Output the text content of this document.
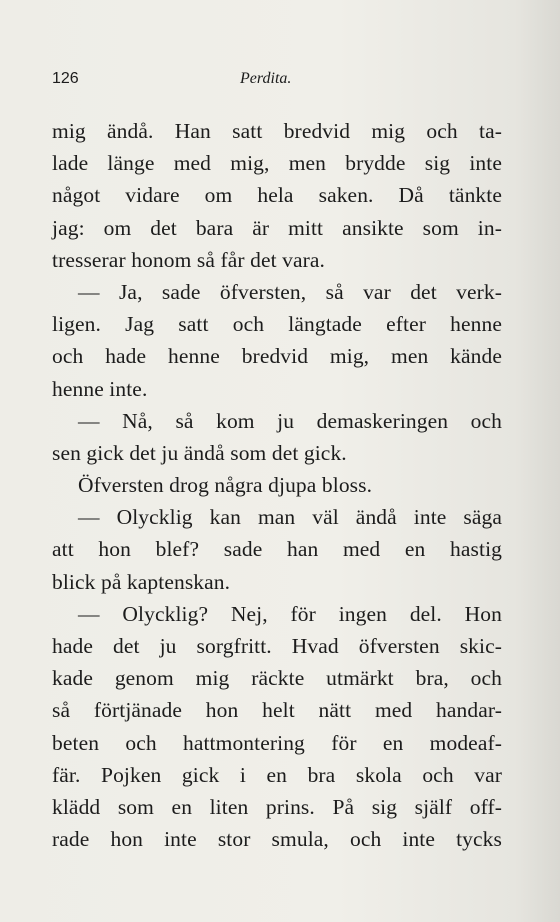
126	Perdita.
mig ändå. Han satt bredvid mig och ta-
lade länge med mig, men brydde sig inte
något vidare om hela saken. Då tänkte
jag: om det bara är mitt ansikte som in-
tresserar honom så får det vara.
— Ja, sade öfversten, så var det verk-
ligen. Jag satt och längtade efter henne
och hade henne bredvid mig, men kände
henne inte.
— Nå, så kom ju demaskeringen och
sen gick det ju ändå som det gick.
Öfversten drog några djupa bloss.
— Olycklig kan man väl ändå inte säga
att hon blef? sade han med en hastig
blick på kaptenskan.
— Olycklig? Nej, för ingen del. Hon
hade det ju sorgfritt. Hvad öfversten skic-
kade genom mig räckte utmärkt bra, och
så förtjänade hon helt nätt med handar-
beten och hattmontering för en modeaf-
fär. Pojken gick i en bra skola och var
klädd som en liten prins. På sig själf off-
rade hon inte stor smula, och inte tycks
